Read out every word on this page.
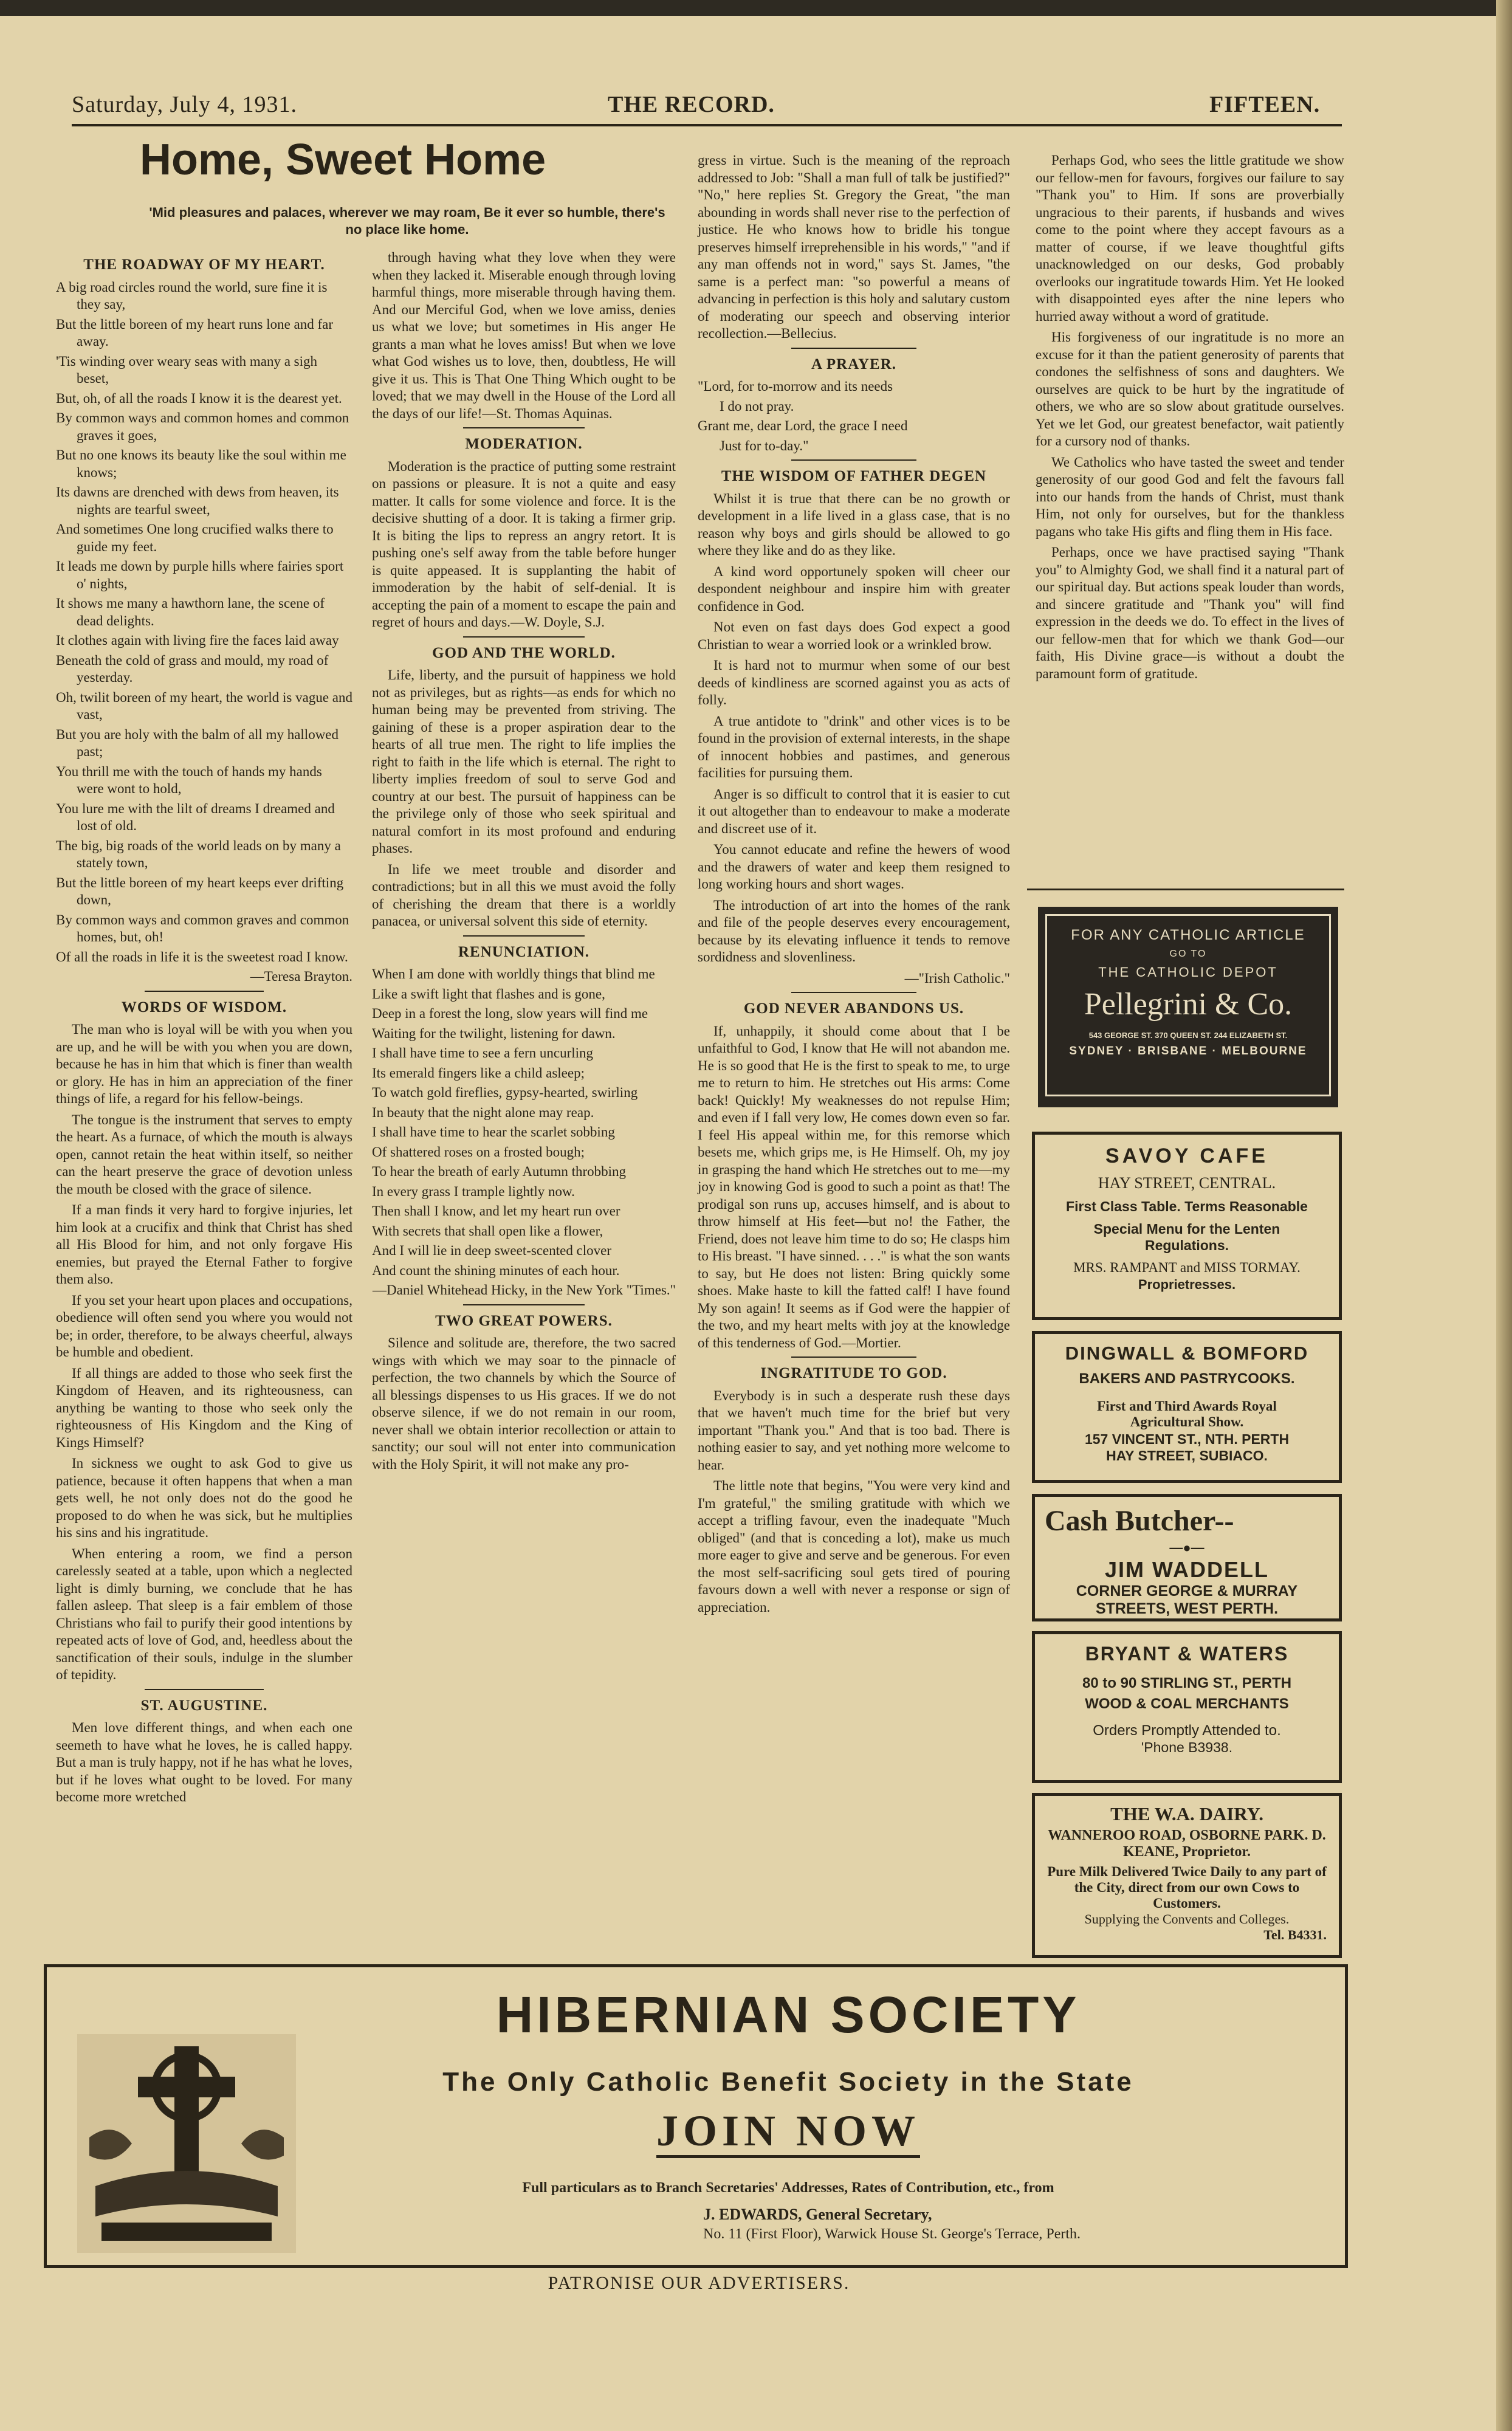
Saturday, July 4, 1931.	THE RECORD.	FIFTEEN.
Home, Sweet Home
'Mid pleasures and palaces, wherever we may roam, Be it ever so humble, there's no place like home.

THE ROADWAY OF MY HEART.

A big road circles round the world, sure fine it is they say,

But the little boreen of my heart runs lone and far away.

'Tis winding over weary seas with many a sigh beset,

But, oh, of all the roads I know it is the dearest yet.

By common ways and common homes and common graves it goes,

But no one knows its beauty like the soul within me knows;

Its dawns are drenched with dews from heaven, its nights are tearful sweet,

And sometimes One long crucified walks there to guide my feet.

It leads me down by purple hills where fairies sport o' nights,

It shows me many a hawthorn lane, the scene of dead delights.

It clothes again with living fire the faces laid away

Beneath the cold of grass and mould, my road of yesterday.

Oh, twilit boreen of my heart, the world is vague and vast,

But you are holy with the balm of all my hallowed past;

You thrill me with the touch of hands my hands were wont to hold,

You lure me with the lilt of dreams I dreamed and lost of old.

The big, big roads of the world leads on by many a stately town,

But the little boreen of my heart keeps ever drifting down,

By common ways and common graves and common homes, but, oh!

Of all the roads in life it is the sweetest road I know.

—Teresa Brayton.

WORDS OF WISDOM.

The man who is loyal will be with you when you are up, and he will be with you when you are down, because he has in him that which is finer than wealth or glory. He has in him an appreciation of the finer things of life, a regard for his fellow-beings.

The tongue is the instrument that serves to empty the heart. As a furnace, of which the mouth is always open, cannot retain the heat within itself, so neither can the heart preserve the grace of devotion unless the mouth be closed with the grace of silence.

If a man finds it very hard to forgive injuries, let him look at a crucifix and think that Christ has shed all His Blood for him, and not only forgave His enemies, but prayed the Eternal Father to forgive them also.

If you set your heart upon places and occupations, obedience will often send you where you would not be; in order, therefore, to be always cheerful, always be humble and obedient.

If all things are added to those who seek first the Kingdom of Heaven, and its righteousness, can anything be wanting to those who seek only the righteousness of His Kingdom and the King of Kings Himself?

In sickness we ought to ask God to give us patience, because it often happens that when a man gets well, he not only does not do the good he proposed to do when he was sick, but he multiplies his sins and his ingratitude.

When entering a room, we find a person carelessly seated at a table, upon which a neglected light is dimly burning, we conclude that he has fallen asleep. That sleep is a fair emblem of those Christians who fail to purify their good intentions by repeated acts of love of God, and, heedless about the sanctification of their souls, indulge in the slumber of tepidity.

ST. AUGUSTINE.

Men love different things, and when each one seemeth to have what he loves, he is called happy. But a man is truly happy, not if he has what he loves, but if he loves what ought to be loved. For many become more wretched

through having what they love when they were when they lacked it. Miserable enough through loving harmful things, more miserable through having them. And our Merciful God, when we love amiss, denies us what we love; but sometimes in His anger He grants a man what he loves amiss! But when we love what God wishes us to love, then, doubtless, He will give it us. This is That One Thing Which ought to be loved; that we may dwell in the House of the Lord all the days of our life!—St. Thomas Aquinas.

MODERATION.

Moderation is the practice of putting some restraint on passions or pleasure. It is not a quite and easy matter. It calls for some violence and force. It is the decisive shutting of a door. It is taking a firmer grip. It is biting the lips to repress an angry retort. It is pushing one's self away from the table before hunger is quite appeased. It is supplanting the habit of immoderation by the habit of self-denial. It is accepting the pain of a moment to escape the pain and regret of hours and days.—W. Doyle, S.J.

GOD AND THE WORLD.

Life, liberty, and the pursuit of happiness we hold not as privileges, but as rights—as ends for which no human being may be prevented from striving. The gaining of these is a proper aspiration dear to the hearts of all true men. The right to life implies the right to faith in the life which is eternal. The right to liberty implies freedom of soul to serve God and country at our best. The pursuit of happiness can be the privilege only of those who seek spiritual and natural comfort in its most profound and enduring phases.

In life we meet trouble and disorder and contradictions; but in all this we must avoid the folly of cherishing the dream that there is a worldly panacea, or universal solvent this side of eternity.

RENUNCIATION.

When I am done with worldly things that blind me

Like a swift light that flashes and is gone,

Deep in a forest the long, slow years will find me

Waiting for the twilight, listening for dawn.

I shall have time to see a fern uncurling

Its emerald fingers like a child asleep;

To watch gold fireflies, gypsy-hearted, swirling

In beauty that the night alone may reap.

I shall have time to hear the scarlet sobbing

Of shattered roses on a frosted bough;

To hear the breath of early Autumn throbbing

In every grass I trample lightly now.

Then shall I know, and let my heart run over

With secrets that shall open like a flower,

And I will lie in deep sweet-scented clover

And count the shining minutes of each hour.

—Daniel Whitehead Hicky, in the New York "Times."

TWO GREAT POWERS.

Silence and solitude are, therefore, the two sacred wings with which we may soar to the pinnacle of perfection, the two channels by which the Source of all blessings dispenses to us His graces. If we do not observe silence, if we do not remain in our room, never shall we obtain interior recollection or attain to sanctity; our soul will not enter into communication with the Holy Spirit, it will not make any pro-

gress in virtue. Such is the meaning of the reproach addressed to Job: "Shall a man full of talk be justified?" "No," here replies St. Gregory the Great, "the man abounding in words shall never rise to the perfection of justice. He who knows how to bridle his tongue preserves himself irreprehensible in his words," "and if any man offends not in word," says St. James, "the same is a perfect man: "so powerful a means of advancing in perfection is this holy and salutary custom of moderating our speech and observing interior recollection.—Bellecius.

A PRAYER.

"Lord, for to-morrow and its needs

I do not pray.

Grant me, dear Lord, the grace I need

Just for to-day."

THE WISDOM OF FATHER DEGEN

Whilst it is true that there can be no growth or development in a life lived in a glass case, that is no reason why boys and girls should be allowed to go where they like and do as they like.

A kind word opportunely spoken will cheer our despondent neighbour and inspire him with greater confidence in God.

Not even on fast days does God expect a good Christian to wear a worried look or a wrinkled brow.

It is hard not to murmur when some of our best deeds of kindliness are scorned against you as acts of folly.

A true antidote to "drink" and other vices is to be found in the provision of external interests, in the shape of innocent hobbies and pastimes, and generous facilities for pursuing them.

Anger is so difficult to control that it is easier to cut it out altogether than to endeavour to make a moderate and discreet use of it.

You cannot educate and refine the hewers of wood and the drawers of water and keep them resigned to long working hours and short wages.

The introduction of art into the homes of the rank and file of the people deserves every encouragement, because by its elevating influence it tends to remove sordidness and slovenliness.

—"Irish Catholic."

GOD NEVER ABANDONS US.

If, unhappily, it should come about that I be unfaithful to God, I know that He will not abandon me. He is so good that He is the first to speak to me, to urge me to return to him. He stretches out His arms: Come back! Quickly! My weaknesses do not repulse Him; and even if I fall very low, He comes down even so far. I feel His appeal within me, for this remorse which besets me, which grips me, is He Himself. Oh, my joy in grasping the hand which He stretches out to me—my joy in knowing God is good to such a point as that! The prodigal son runs up, accuses himself, and is about to throw himself at His feet—but no! the Father, the Friend, does not leave him time to do so; He clasps him to His breast. "I have sinned. . . ." is what the son wants to say, but He does not listen: Bring quickly some shoes. Make haste to kill the fatted calf! I have found My son again! It seems as if God were the happier of the two, and my heart melts with joy at the knowledge of this tenderness of God.—Mortier.

INGRATITUDE TO GOD.

Everybody is in such a desperate rush these days that we haven't much time for the brief but very important "Thank you." And that is too bad. There is nothing easier to say, and yet nothing more welcome to hear.

The little note that begins, "You were very kind and I'm grateful," the smiling gratitude with which we accept a trifling favour, even the inadequate "Much obliged" (and that is conceding a lot), make us much more eager to give and serve and be generous. For even the most self-sacrificing soul gets tired of pouring favours down a well with never a response or sign of appreciation.

Perhaps God, who sees the little gratitude we show our fellow-men for favours, forgives our failure to say "Thank you" to Him. If sons are proverbially ungracious to their parents, if husbands and wives come to the point where they accept favours as a matter of course, if we leave thoughtful gifts unacknowledged on our desks, God probably overlooks our ingratitude towards Him. Yet He looked with disappointed eyes after the nine lepers who hurried away without a word of gratitude.

His forgiveness of our ingratitude is no more an excuse for it than the patient generosity of parents that condones the selfishness of sons and daughters. We ourselves are quick to be hurt by the ingratitude of others, we who are so slow about gratitude ourselves. Yet we let God, our greatest benefactor, wait patiently for a cursory nod of thanks.

We Catholics who have tasted the sweet and tender generosity of our good God and felt the favours fall into our hands from the hands of Christ, must thank Him, not only for ourselves, but for the thankless pagans who take His gifts and fling them in His face.

Perhaps, once we have practised saying "Thank you" to Almighty God, we shall find it a natural part of our spiritual day. But actions speak louder than words, and sincere gratitude and "Thank you" will find expression in the deeds we do. To effect in the lives of our fellow-men that for which we thank God—our faith, His Divine grace—is without a doubt the paramount form of gratitude.

FOR ANY CATHOLIC ARTICLE
GO TO
THE CATHOLIC DEPOT
Pellegrini & Co.
543 GEORGE ST. 370 QUEEN ST. 244 ELIZABETH ST.
SYDNEY · BRISBANE · MELBOURNE
SAVOY CAFE
HAY STREET, CENTRAL.
First Class Table. Terms Reasonable
Special Menu for the Lenten Regulations.
MRS. RAMPANT and MISS TORMAY.
Proprietresses.
DINGWALL & BOMFORD
BAKERS AND PASTRYCOOKS.
First and Third Awards Royal Agricultural Show.
157 VINCENT ST., NTH. PERTH
HAY STREET, SUBIACO.
Cash Butcher--
—●—
JIM WADDELL
CORNER GEORGE & MURRAY
STREETS, WEST PERTH.
BRYANT & WATERS
80 to 90 STIRLING ST., PERTH
WOOD & COAL MERCHANTS
Orders Promptly Attended to.
'Phone B3938.
THE W.A. DAIRY.
WANNEROO ROAD, OSBORNE PARK. D. KEANE, Proprietor.
Pure Milk Delivered Twice Daily to any part of the City, direct from our own Cows to Customers.
Supplying the Convents and Colleges.
Tel. B4331.
HIBERNIAN SOCIETY
The Only Catholic Benefit Society in the State
JOIN NOW
Full particulars as to Branch Secretaries' Addresses, Rates of Contribution, etc., from
J. EDWARDS, General Secretary,
No. 11 (First Floor), Warwick House St. George's Terrace, Perth.
PATRONISE OUR ADVERTISERS.
